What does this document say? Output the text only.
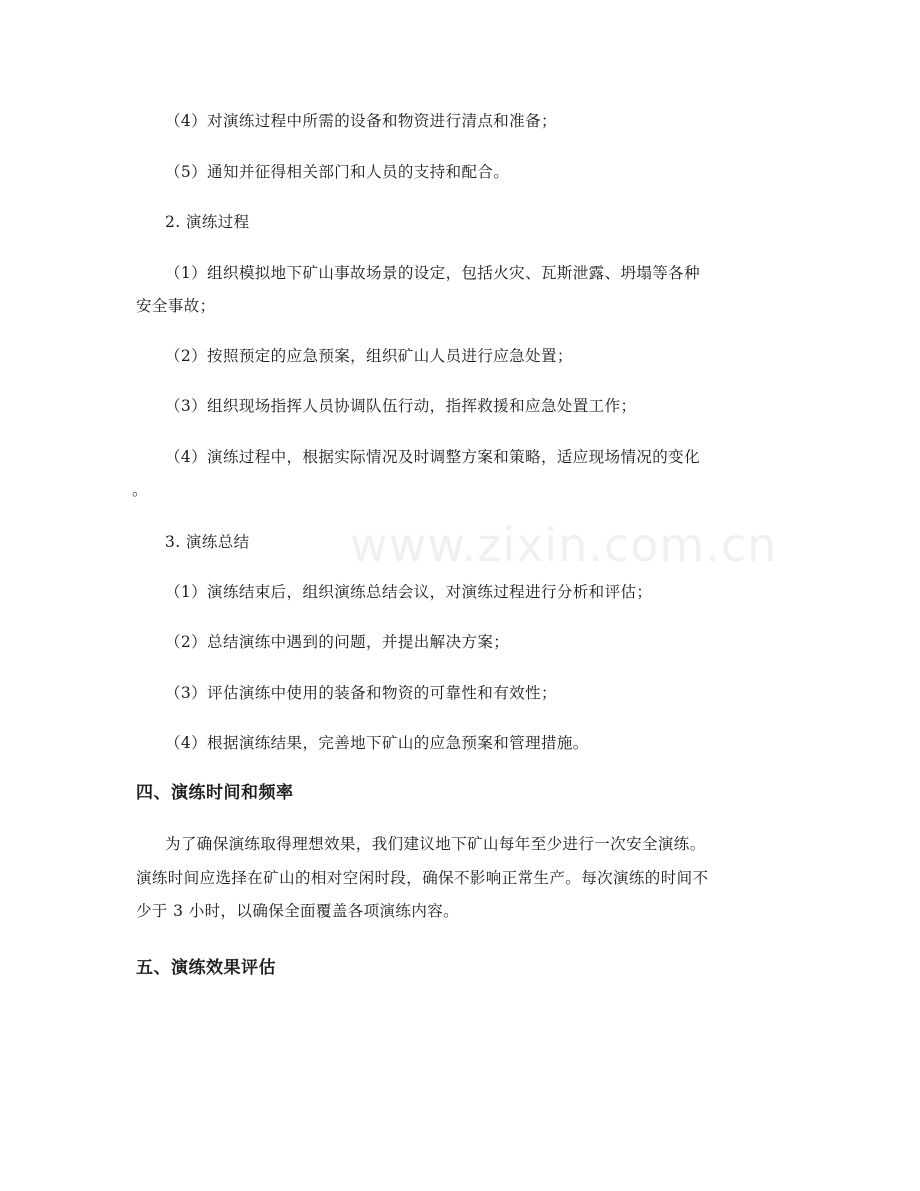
www.zixin.com.cn
（4）对演练过程中所需的设备和物资进行清点和准备；
（5）通知并征得相关部门和人员的支持和配合。
2. 演练过程
（1）组织模拟地下矿山事故场景的设定，包括火灾、瓦斯泄露、坍塌等各种
安全事故；
（2）按照预定的应急预案，组织矿山人员进行应急处置；
（3）组织现场指挥人员协调队伍行动，指挥救援和应急处置工作；
（4）演练过程中，根据实际情况及时调整方案和策略，适应现场情况的变化
。
3. 演练总结
（1）演练结束后，组织演练总结会议，对演练过程进行分析和评估；
（2）总结演练中遇到的问题，并提出解决方案；
（3）评估演练中使用的装备和物资的可靠性和有效性；
（4）根据演练结果，完善地下矿山的应急预案和管理措施。
四、演练时间和频率
为了确保演练取得理想效果，我们建议地下矿山每年至少进行一次安全演练。
演练时间应选择在矿山的相对空闲时段，确保不影响正常生产。每次演练的时间不
少于 3 小时，以确保全面覆盖各项演练内容。
五、演练效果评估
